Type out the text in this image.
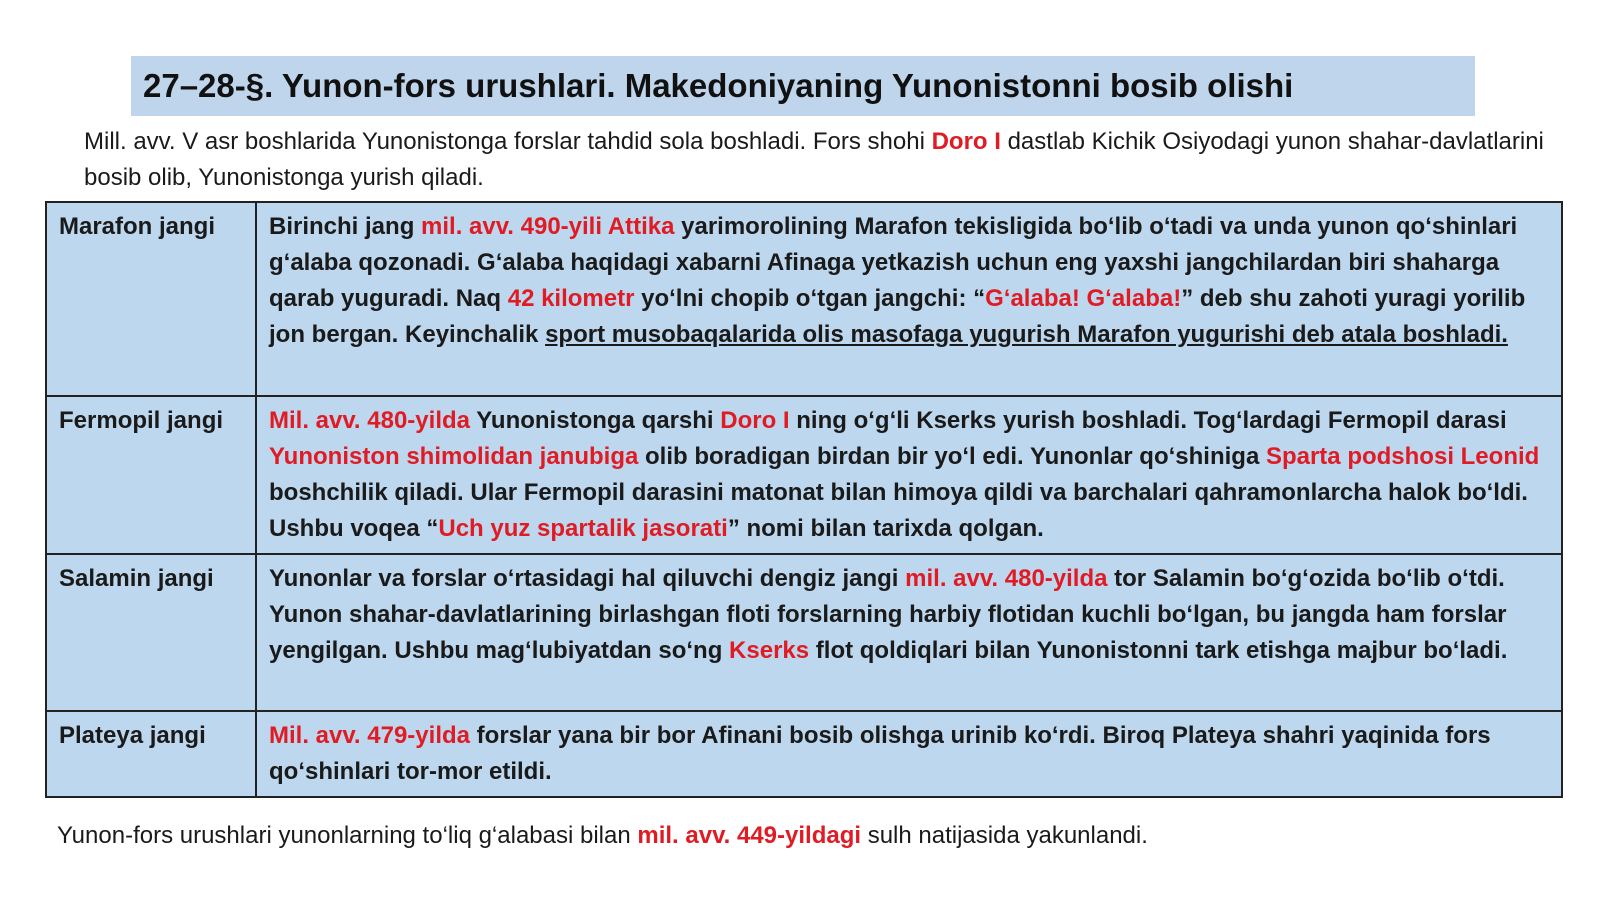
27–28-§. Yunon-fors urushlari. Makedoniyaning Yunonistonni bosib olishi
Mill. avv. V asr boshlarida Yunonistonga forslar tahdid sola boshladi. Fors shohi Doro I dastlab Kichik Osiyodagi yunon shahar-davlatlarini bosib olib, Yunonistonga yurish qiladi.
Marafon jangi	Birinchi jang mil. avv. 490-yili Attika yarimorolining Marafon tekisligida bo‘lib o‘tadi va unda yunon qo‘shinlari g‘alaba qozonadi. G‘alaba haqidagi xabarni Afinaga yetkazish uchun eng yaxshi jangchilardan biri shaharga qarab yuguradi. Naq 42 kilometr yo‘lni chopib o‘tgan jangchi: “G‘alaba! G‘alaba!” deb shu zahoti yuragi yorilib jon bergan. Keyinchalik sport musobaqalarida olis masofaga yugurish Marafon yugurishi deb atala boshladi.
Fermopil jangi	Mil. avv. 480-yilda Yunonistonga qarshi Doro I ning o‘g‘li Kserks yurish boshladi. Tog‘lardagi Fermopil darasi Yunoniston shimolidan janubiga olib boradigan birdan bir yo‘l edi. Yunonlar qo‘shiniga Sparta podshosi Leonid boshchilik qiladi. Ular Fermopil darasini matonat bilan himoya qildi va barchalari qahramonlarcha halok bo‘ldi. Ushbu voqea “Uch yuz spartalik jasorati” nomi bilan tarixda qolgan.
Salamin jangi	Yunonlar va forslar o‘rtasidagi hal qiluvchi dengiz jangi mil. avv. 480-yilda tor Salamin bo‘g‘ozida bo‘lib o‘tdi. Yunon shahar-davlatlarining birlashgan floti forslarning harbiy flotidan kuchli bo‘lgan, bu jangda ham forslar yengilgan. Ushbu mag‘lubiyatdan so‘ng Kserks flot qoldiqlari bilan Yunonistonni tark etishga majbur bo‘ladi.
Plateya jangi	Mil. avv. 479-yilda forslar yana bir bor Afinani bosib olishga urinib ko‘rdi. Biroq Plateya shahri yaqinida fors qo‘shinlari tor-mor etildi.
Yunon-fors urushlari yunonlarning to‘liq g‘alabasi bilan mil. avv. 449-yildagi sulh natijasida yakunlandi.
